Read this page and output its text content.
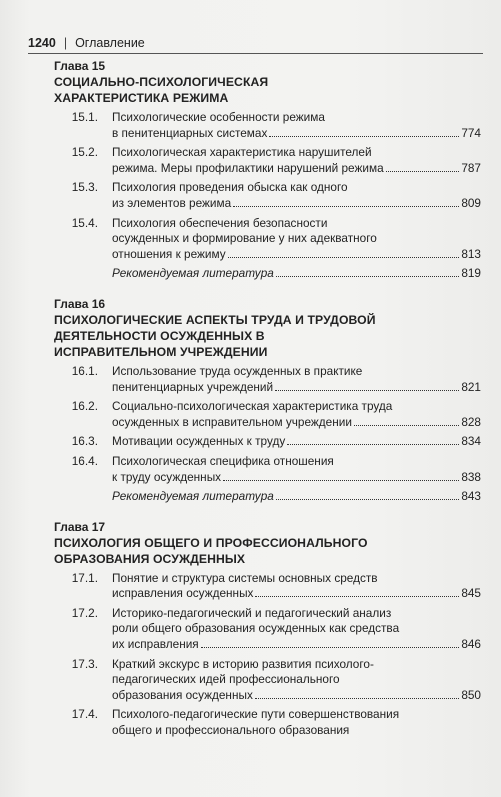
1240 | Оглавление
Глава 15
СОЦИАЛЬНО-ПСИХОЛОГИЧЕСКАЯ ХАРАКТЕРИСТИКА РЕЖИМА
15.1.	Психологические особенности режима
в пенитенциарных системах	774
15.2.	Психологическая характеристика нарушителей
режима. Меры профилактики нарушений режима	787
15.3.	Психология проведения обыска как одного
из элементов режима	809
15.4.	Психология обеспечения безопасности
осужденных и формирование у них адекватного
отношения к режиму	813
Рекомендуемая литература	819
Глава 16
ПСИХОЛОГИЧЕСКИЕ АСПЕКТЫ ТРУДА И ТРУДОВОЙ ДЕЯТЕЛЬНОСТИ ОСУЖДЕННЫХ В ИСПРАВИТЕЛЬНОМ УЧРЕЖДЕНИИ
16.1.	Использование труда осужденных в практике
пенитенциарных учреждений	821
16.2.	Социально-психологическая характеристика труда
осужденных в исправительном учреждении	828
16.3.	Мотивации осужденных к труду	834
16.4.	Психологическая специфика отношения
к труду осужденных	838
Рекомендуемая литература	843
Глава 17
ПСИХОЛОГИЯ ОБЩЕГО И ПРОФЕССИОНАЛЬНОГО ОБРАЗОВАНИЯ ОСУЖДЕННЫХ
17.1.	Понятие и структура системы основных средств
исправления осужденных	845
17.2.	Историко-педагогический и педагогический анализ
роли общего образования осужденных как средства
их исправления	846
17.3.	Краткий экскурс в историю развития психолого-
педагогических идей профессионального
образования осужденных	850
17.4.	Психолого-педагогические пути совершенствования
общего и профессионального образования
